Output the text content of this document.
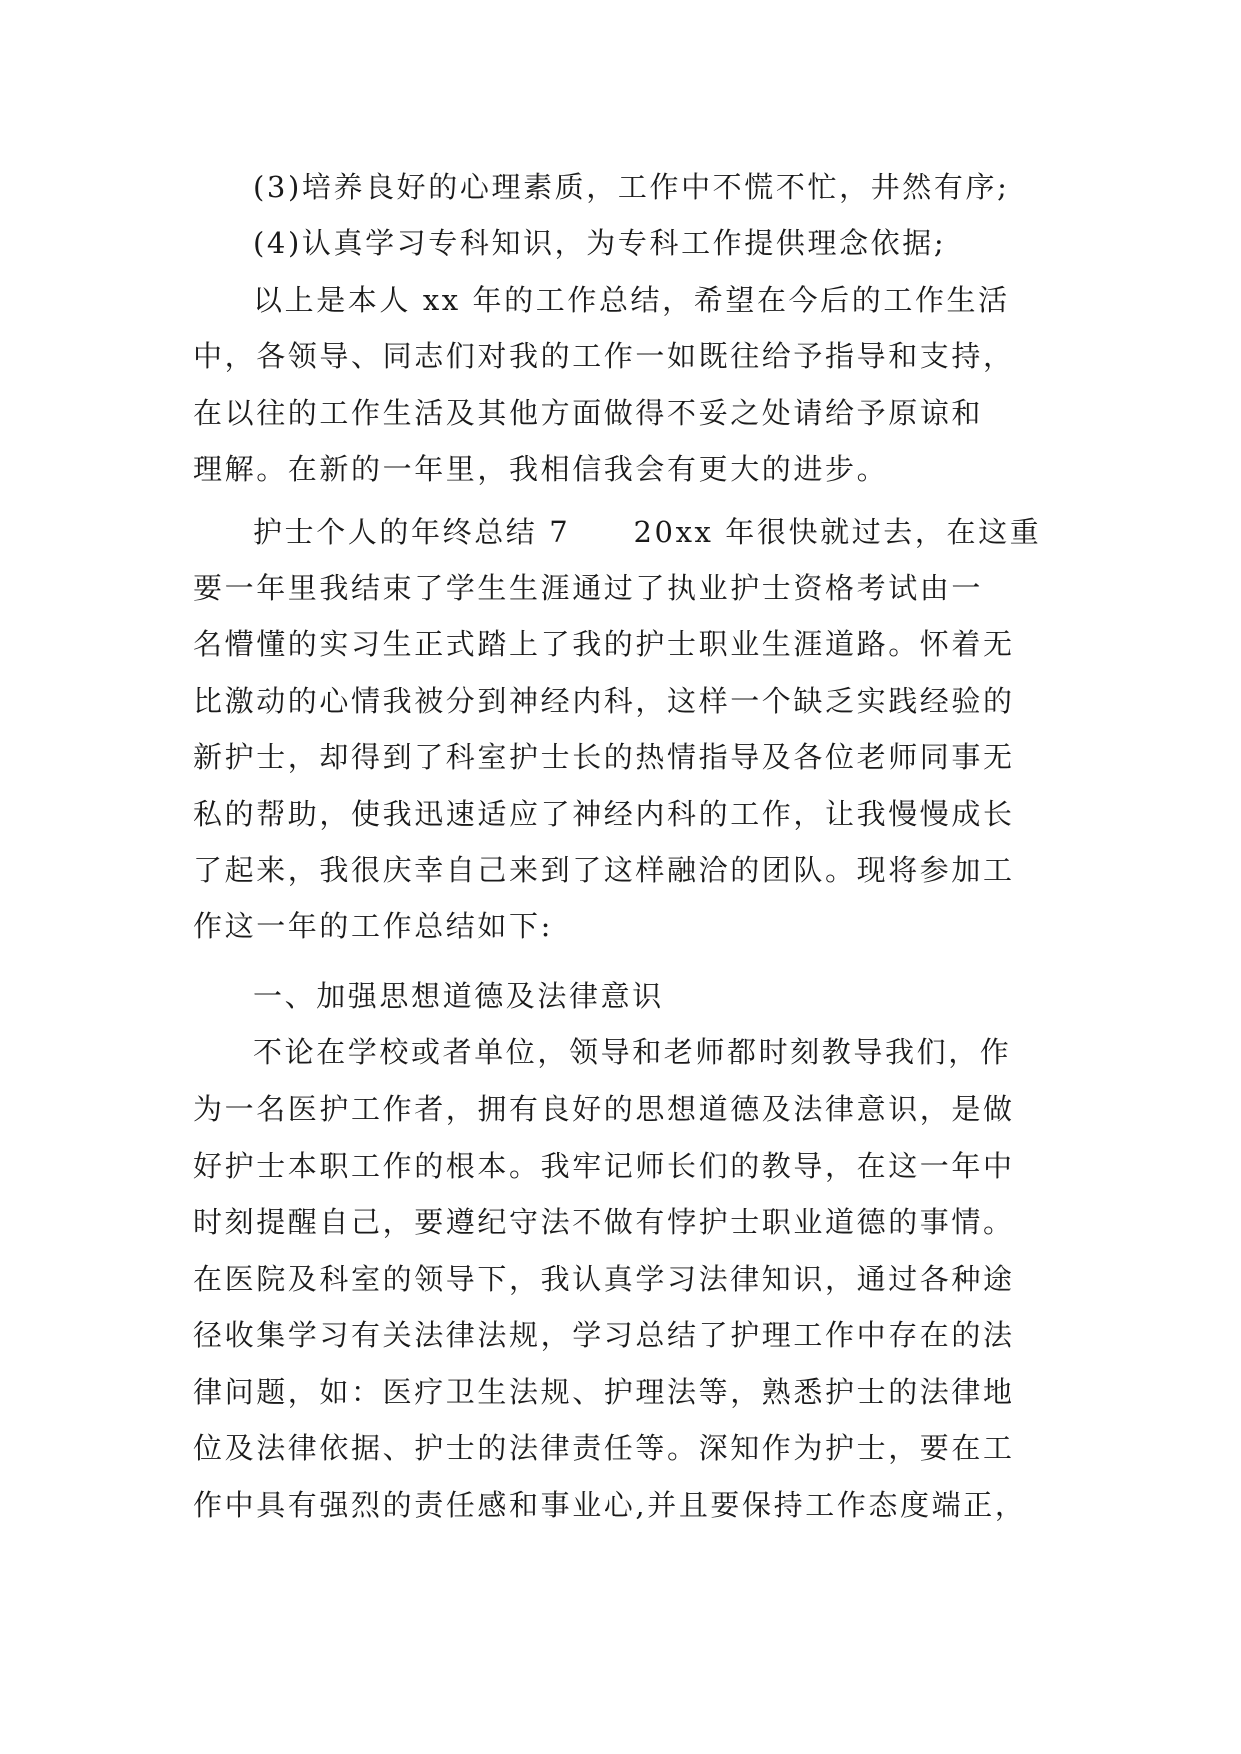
(3)培养良好的心理素质，工作中不慌不忙，井然有序;
(4)认真学习专科知识，为专科工作提供理念依据;
以上是本人 xx 年的工作总结，希望在今后的工作生活
中，各领导、同志们对我的工作一如既往给予指导和支持，
在以往的工作生活及其他方面做得不妥之处请给予原谅和
理解。在新的一年里，我相信我会有更大的进步。
护士个人的年终总结 7　　20xx 年很快就过去，在这重
要一年里我结束了学生生涯通过了执业护士资格考试由一
名懵懂的实习生正式踏上了我的护士职业生涯道路。怀着无
比激动的心情我被分到神经内科，这样一个缺乏实践经验的
新护士，却得到了科室护士长的热情指导及各位老师同事无
私的帮助，使我迅速适应了神经内科的工作，让我慢慢成长
了起来，我很庆幸自己来到了这样融洽的团队。现将参加工
作这一年的工作总结如下:
一、加强思想道德及法律意识
不论在学校或者单位，领导和老师都时刻教导我们，作
为一名医护工作者，拥有良好的思想道德及法律意识，是做
好护士本职工作的根本。我牢记师长们的教导，在这一年中
时刻提醒自己，要遵纪守法不做有悖护士职业道德的事情。
在医院及科室的领导下，我认真学习法律知识，通过各种途
径收集学习有关法律法规，学习总结了护理工作中存在的法
律问题，如：医疗卫生法规、护理法等，熟悉护士的法律地
位及法律依据、护士的法律责任等。深知作为护士，要在工
作中具有强烈的责任感和事业心,并且要保持工作态度端正，
